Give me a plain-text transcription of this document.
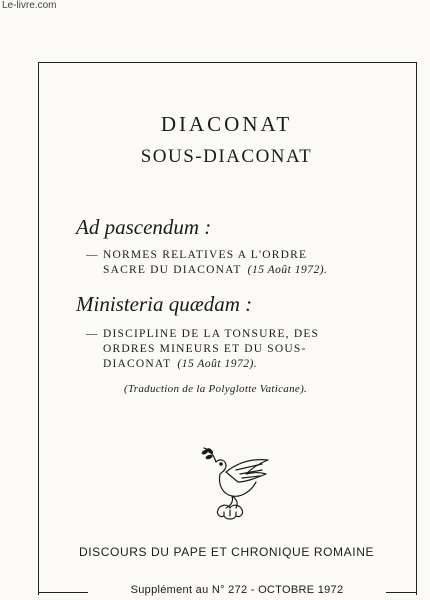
Le-livre.com
DIACONAT
SOUS-DIACONAT
Ad pascendum :
— NORMES RELATIVES A L'ORDRE
SACRE DU DIACONAT (15 Août 1972).
Ministeria quædam :
— DISCIPLINE DE LA TONSURE, DES
ORDRES MINEURS ET DU SOUS-
DIACONAT (15 Août 1972).
(Traduction de la Polyglotte Vaticane).
DISCOURS DU PAPE ET CHRONIQUE ROMAINE
Supplément au N° 272 - OCTOBRE 1972
